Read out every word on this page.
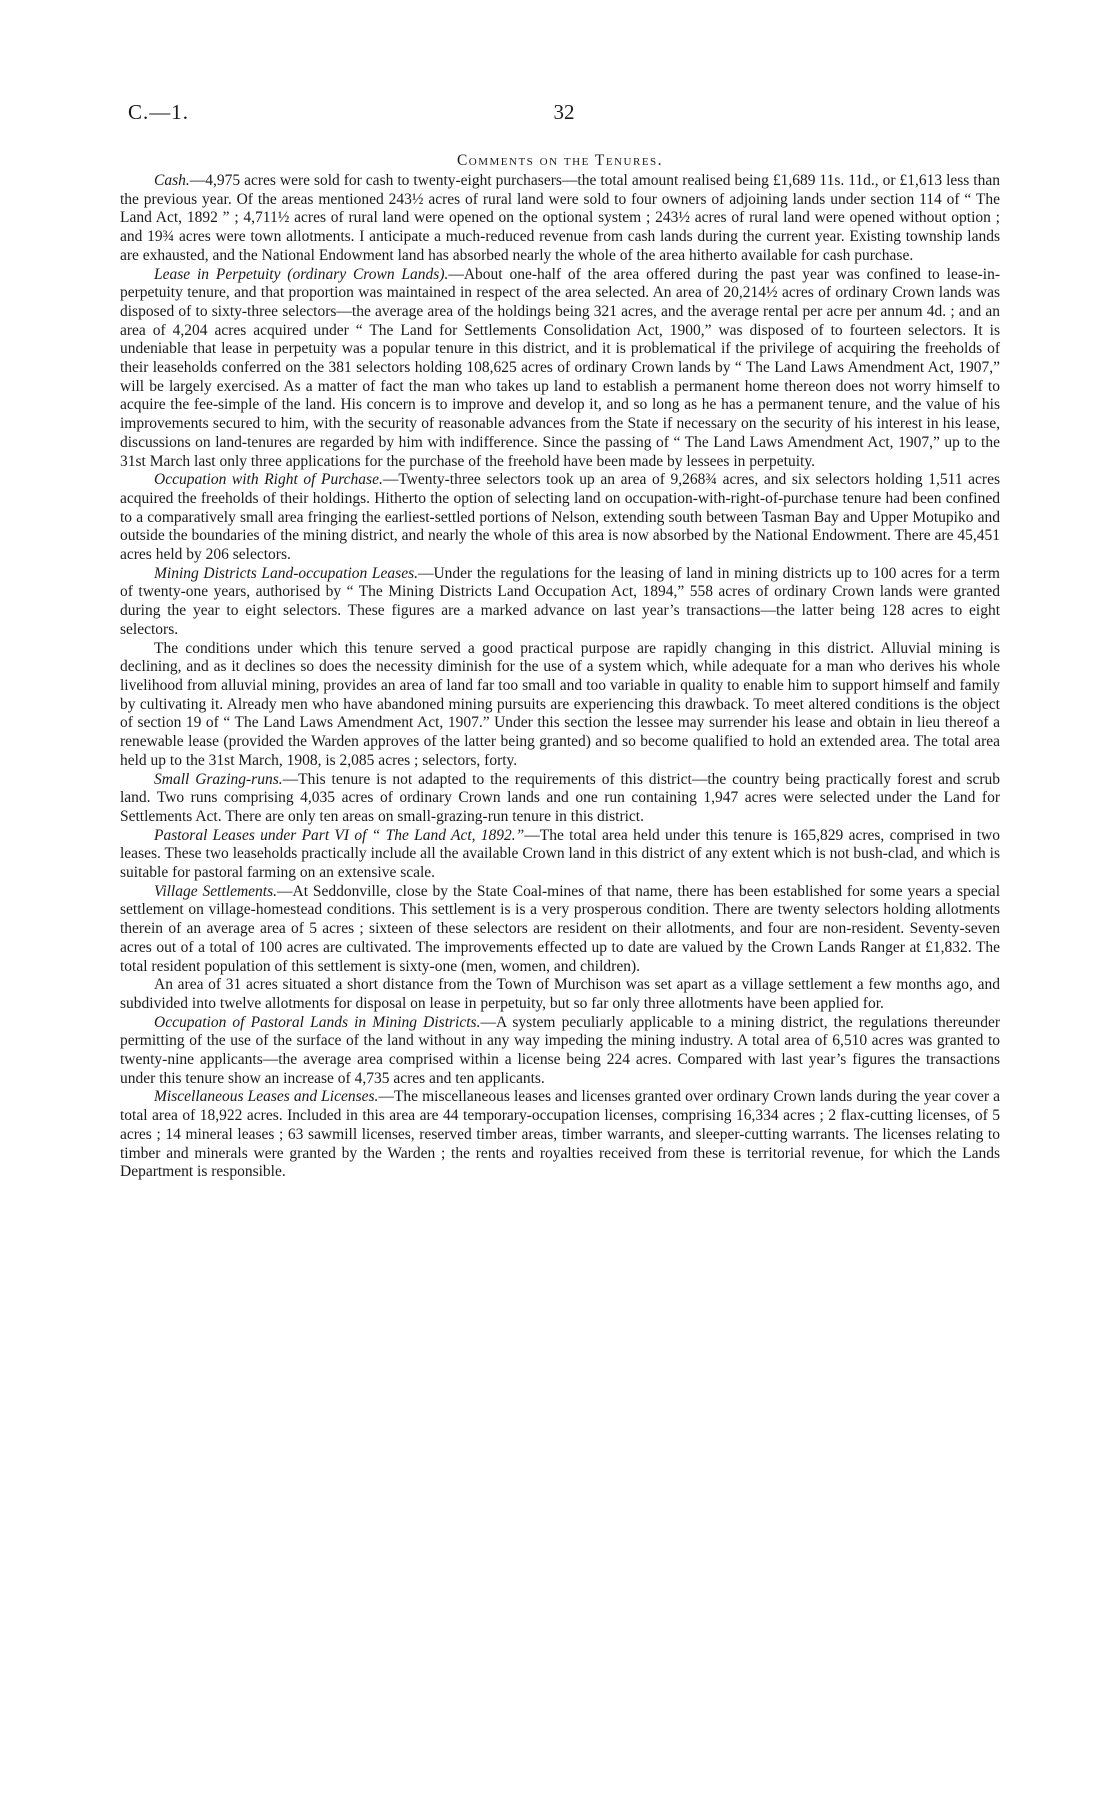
C.—1.	32
Comments on the Tenures.

Cash.—4,975 acres were sold for cash to twenty-eight purchasers—the total amount realised being £1,689 11s. 11d., or £1,613 less than the previous year. Of the areas mentioned 243½ acres of rural land were sold to four owners of adjoining lands under section 114 of “ The Land Act, 1892 ” ; 4,711½ acres of rural land were opened on the optional system ; 243½ acres of rural land were opened without option ; and 19¾ acres were town allotments. I anticipate a much-reduced revenue from cash lands during the current year. Existing township lands are exhausted, and the National Endowment land has absorbed nearly the whole of the area hitherto available for cash purchase.

Lease in Perpetuity (ordinary Crown Lands).—About one-half of the area offered during the past year was confined to lease-in-perpetuity tenure, and that proportion was maintained in respect of the area selected. An area of 20,214½ acres of ordinary Crown lands was disposed of to sixty-three selectors—the average area of the holdings being 321 acres, and the average rental per acre per annum 4d. ; and an area of 4,204 acres acquired under “ The Land for Settlements Consolidation Act, 1900,” was disposed of to fourteen selectors. It is undeniable that lease in perpetuity was a popular tenure in this district, and it is problematical if the privilege of acquiring the freeholds of their leaseholds conferred on the 381 selectors holding 108,625 acres of ordinary Crown lands by “ The Land Laws Amendment Act, 1907,” will be largely exercised. As a matter of fact the man who takes up land to establish a permanent home thereon does not worry himself to acquire the fee-simple of the land. His concern is to improve and develop it, and so long as he has a permanent tenure, and the value of his improvements secured to him, with the security of reasonable advances from the State if necessary on the security of his interest in his lease, discussions on land-tenures are regarded by him with indifference. Since the passing of “ The Land Laws Amendment Act, 1907,” up to the 31st March last only three applications for the purchase of the freehold have been made by lessees in perpetuity.

Occupation with Right of Purchase.—Twenty-three selectors took up an area of 9,268¾ acres, and six selectors holding 1,511 acres acquired the freeholds of their holdings. Hitherto the option of selecting land on occupation-with-right-of-purchase tenure had been confined to a comparatively small area fringing the earliest-settled portions of Nelson, extending south between Tasman Bay and Upper Motupiko and outside the boundaries of the mining district, and nearly the whole of this area is now absorbed by the National Endowment. There are 45,451 acres held by 206 selectors.

Mining Districts Land-occupation Leases.—Under the regulations for the leasing of land in mining districts up to 100 acres for a term of twenty-one years, authorised by “ The Mining Districts Land Occupation Act, 1894,” 558 acres of ordinary Crown lands were granted during the year to eight selectors. These figures are a marked advance on last year’s transactions—the latter being 128 acres to eight selectors.

The conditions under which this tenure served a good practical purpose are rapidly changing in this district. Alluvial mining is declining, and as it declines so does the necessity diminish for the use of a system which, while adequate for a man who derives his whole livelihood from alluvial mining, provides an area of land far too small and too variable in quality to enable him to support himself and family by cultivating it. Already men who have abandoned mining pursuits are experiencing this drawback. To meet altered conditions is the object of section 19 of “ The Land Laws Amendment Act, 1907.” Under this section the lessee may surrender his lease and obtain in lieu thereof a renewable lease (provided the Warden approves of the latter being granted) and so become qualified to hold an extended area. The total area held up to the 31st March, 1908, is 2,085 acres ; selectors, forty.

Small Grazing-runs.—This tenure is not adapted to the requirements of this district—the country being practically forest and scrub land. Two runs comprising 4,035 acres of ordinary Crown lands and one run containing 1,947 acres were selected under the Land for Settlements Act. There are only ten areas on small-grazing-run tenure in this district.

Pastoral Leases under Part VI of “ The Land Act, 1892.”—The total area held under this tenure is 165,829 acres, comprised in two leases. These two leaseholds practically include all the available Crown land in this district of any extent which is not bush-clad, and which is suitable for pastoral farming on an extensive scale.

Village Settlements.—At Seddonville, close by the State Coal-mines of that name, there has been established for some years a special settlement on village-homestead conditions. This settlement is is a very prosperous condition. There are twenty selectors holding allotments therein of an average area of 5 acres ; sixteen of these selectors are resident on their allotments, and four are non-resident. Seventy-seven acres out of a total of 100 acres are cultivated. The improvements effected up to date are valued by the Crown Lands Ranger at £1,832. The total resident population of this settlement is sixty-one (men, women, and children).

An area of 31 acres situated a short distance from the Town of Murchison was set apart as a village settlement a few months ago, and subdivided into twelve allotments for disposal on lease in perpetuity, but so far only three allotments have been applied for.

Occupation of Pastoral Lands in Mining Districts.—A system peculiarly applicable to a mining district, the regulations thereunder permitting of the use of the surface of the land without in any way impeding the mining industry. A total area of 6,510 acres was granted to twenty-nine applicants—the average area comprised within a license being 224 acres. Compared with last year’s figures the transactions under this tenure show an increase of 4,735 acres and ten applicants.

Miscellaneous Leases and Licenses.—The miscellaneous leases and licenses granted over ordinary Crown lands during the year cover a total area of 18,922 acres. Included in this area are 44 temporary-occupation licenses, comprising 16,334 acres ; 2 flax-cutting licenses, of 5 acres ; 14 mineral leases ; 63 sawmill licenses, reserved timber areas, timber warrants, and sleeper-cutting warrants. The licenses relating to timber and minerals were granted by the Warden ; the rents and royalties received from these is territorial revenue, for which the Lands Department is responsible.
